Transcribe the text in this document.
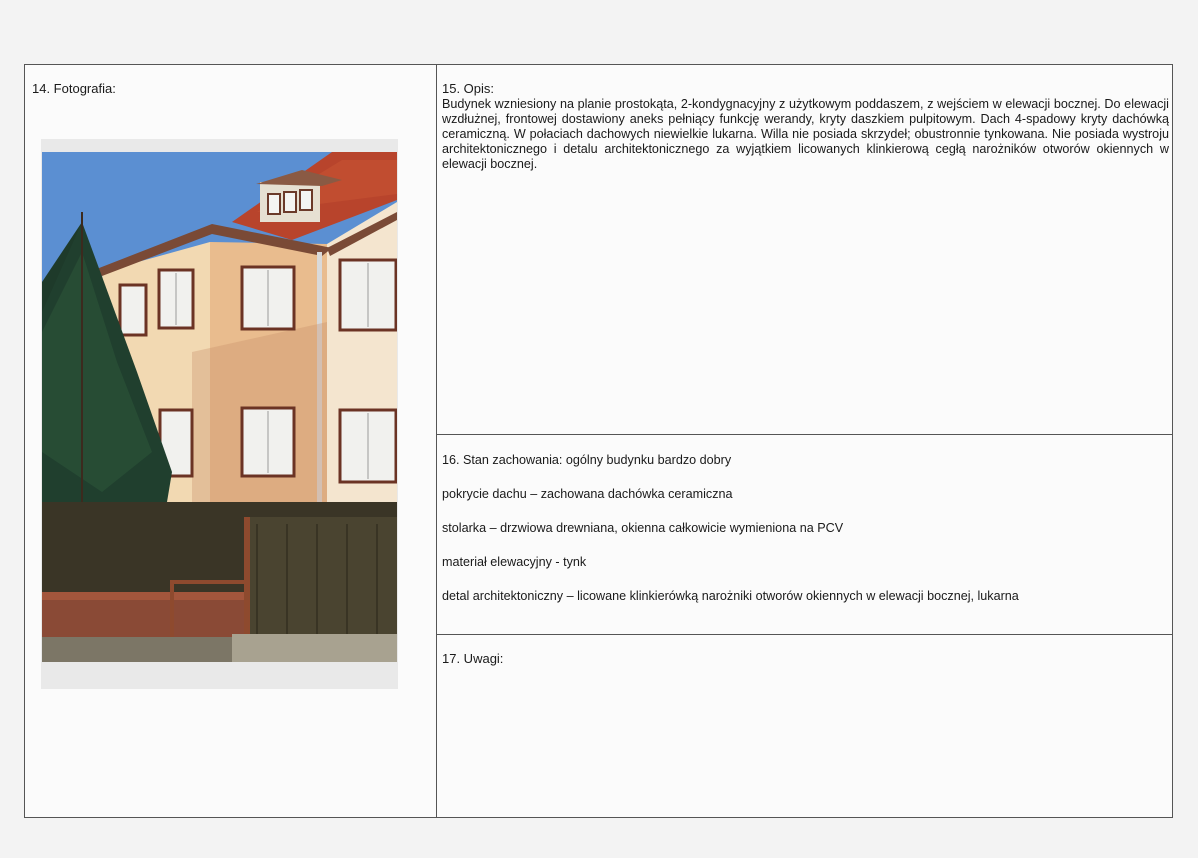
14. Fotografia:	15. Opis:
Budynek wzniesiony na planie prostokąta, 2-kondygnacyjny z użytkowym poddaszem, z wejściem w elewacji bocznej. Do elewacji wzdłużnej, frontowej dostawiony aneks pełniący funkcję werandy, kryty daszkiem pulpitowym. Dach 4-spadowy kryty dachówką ceramiczną. W połaciach dachowych niewielkie lukarna. Willa nie posiada skrzydeł; obustronnie tynkowana. Nie posiada wystroju architektonicznego i detalu architektonicznego za wyjątkiem licowanych klinkierową cegłą narożników otworów okiennych w elewacji bocznej.
16. Stan zachowania: ogólny budynku bardzo dobry
pokrycie dachu – zachowana dachówka ceramiczna
stolarka – drzwiowa drewniana, okienna całkowicie wymieniona na PCV
materiał elewacyjny - tynk
detal architektoniczny – licowane klinkierówką narożniki otworów okiennych w elewacji bocznej, lukarna
17. Uwagi:
